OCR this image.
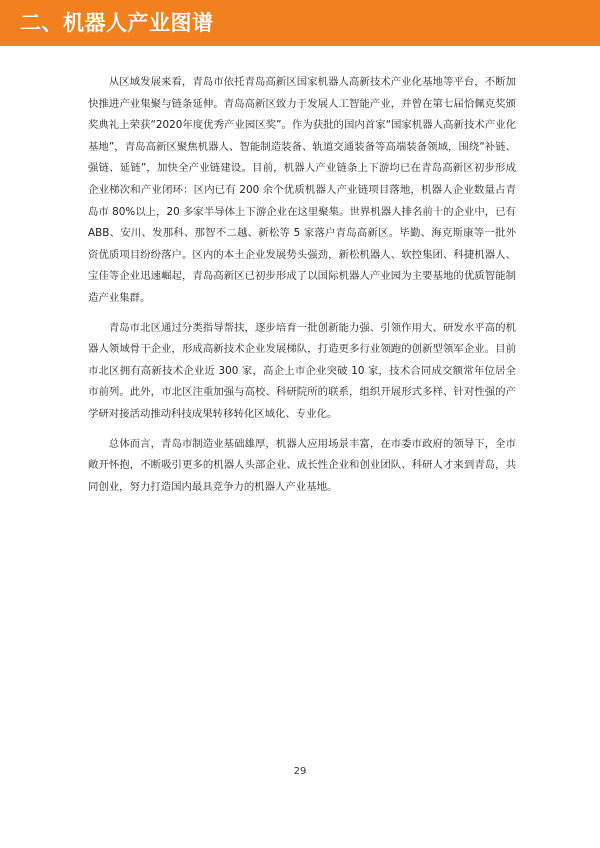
二、机器人产业图谱

从区域发展来看，青岛市依托青岛高新区国家机器人高新技术产业化基地等平台，不断加快推进产业集聚与链条延伸。青岛高新区致力于发展人工智能产业，并曾在第七届恰佩克奖颁奖典礼上荣获“2020年度优秀产业园区奖”。作为获批的国内首家“国家机器人高新技术产业化基地”，青岛高新区聚焦机器人、智能制造装备、轨道交通装备等高端装备领域，围绕“补链、强链、延链”，加快全产业链建设。目前，机器人产业链条上下游均已在青岛高新区初步形成企业梯次和产业闭环：区内已有 200 余个优质机器人产业链项目落地，机器人企业数量占青岛市 80%以上，20 多家半导体上下游企业在这里聚集。世界机器人排名前十的企业中，已有 ABB、安川、发那科、那智不二越、新松等 5 家落户青岛高新区。毕勤、海克斯康等一批外资优质项目纷纷落户。区内的本土企业发展势头强劲，新松机器人、软控集团、科捷机器人、宝佳等企业迅速崛起，青岛高新区已初步形成了以国际机器人产业园为主要基地的优质智能制造产业集群。

青岛市北区通过分类指导帮扶，逐步培育一批创新能力强、引领作用大、研发水平高的机器人领域骨干企业，形成高新技术企业发展梯队，打造更多行业领跑的创新型领军企业。目前市北区拥有高新技术企业近 300 家，高企上市企业突破 10 家，技术合同成交额常年位居全市前列。此外，市北区注重加强与高校、科研院所的联系，组织开展形式多样、针对性强的产学研对接活动推动科技成果转移转化区域化、专业化。

总体而言，青岛市制造业基础雄厚，机器人应用场景丰富，在市委市政府的领导下，全市敞开怀抱，不断吸引更多的机器人头部企业、成长性企业和创业团队、科研人才来到青岛，共同创业，努力打造国内最具竞争力的机器人产业基地。

29
